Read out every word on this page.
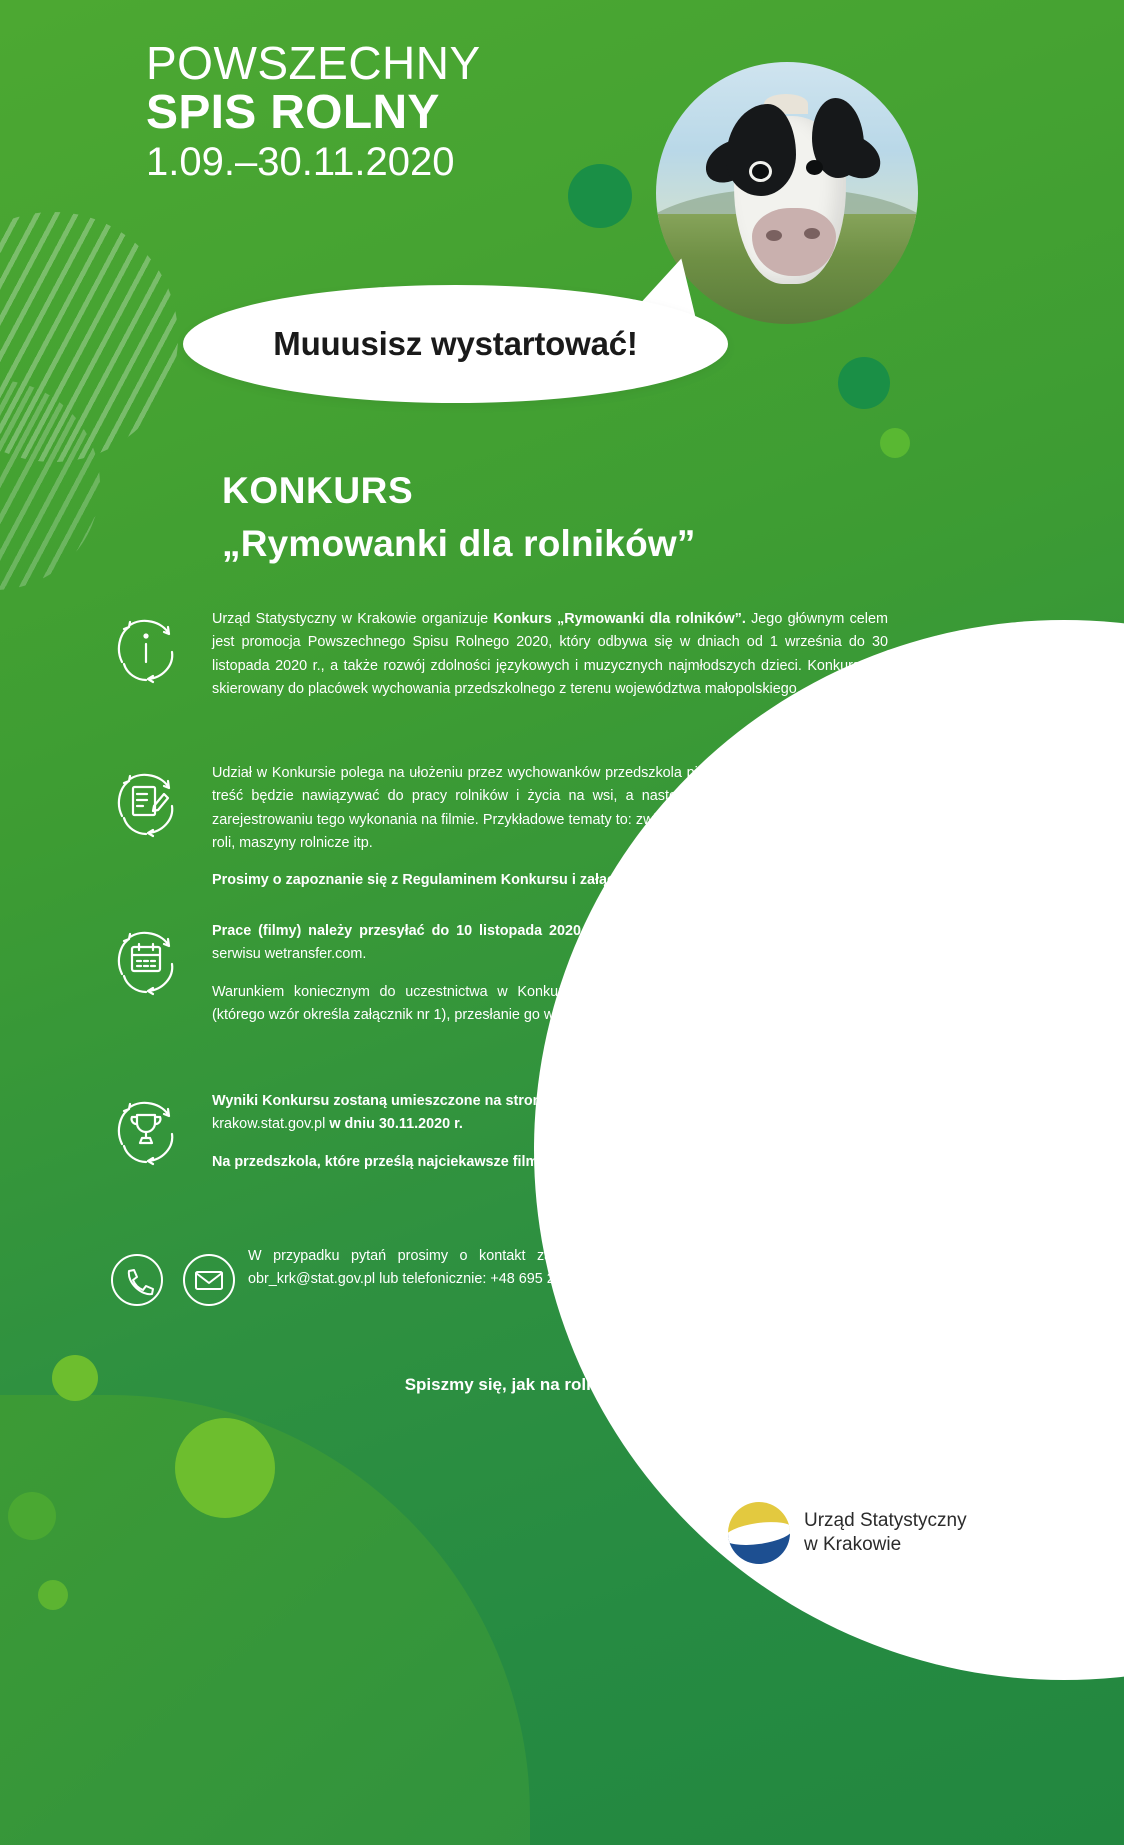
POWSZECHNY
SPIS ROLNY
1.09.–30.11.2020
Muuusisz wystartować!
KONKURS
„Rymowanki dla rolników”

Urząd Statystyczny w Krakowie organizuje Konkurs „Rymowanki dla rolników”. Jego głównym celem jest promocja Powszechnego Spisu Rolnego 2020, który odbywa się w dniach od 1 września do 30 listopada 2020 r., a także rozwój zdolności językowych i muzycznych najmłodszych dzieci. Konkurs jest skierowany do placówek wychowania przedszkolnego z terenu województwa małopolskiego.

Udział w Konkursie polega na ułożeniu przez wychowanków przedszkola piosenki lub wierszyka, którego treść będzie nawiązywać do pracy rolników i życia na wsi, a następnie wspólnym wykonaniu go i zarejestrowaniu tego wykonania na filmie. Przykładowe tematy to: zwierzęta hodowlane, uprawy, praca na roli, maszyny rolnicze itp.

Prosimy o zapoznanie się z Regulaminem Konkursu i załącznikami.

Prace (filmy) należy przesyłać do 10 listopada 2020 r. na adres obr_krk@stat.gov.pl przy pomocy serwisu wetransfer.com.

Warunkiem koniecznym do uczestnictwa w Konkursie jest wypełnienie formularza zgłoszeniowego (którego wzór określa załącznik nr 1), przesłanie go w formie elektronicznej (skan, zdjęcie) razem z pracą.

Wyniki Konkursu zostaną umieszczone na stronie internetowej Urzędu Statystycznego w Krakowie krakow.stat.gov.pl w dniu 30.11.2020 r.

Na przedszkola, które prześlą najciekawsze filmy, czekają atrakcyjne nagrody!

W przypadku pytań prosimy o kontakt za pośrednictwem poczty elektronicznej na adres obr_krk@stat.gov.pl lub telefonicznie: +48 695 255 538.

Spiszmy się, jak na rolników przystało!
Urząd Statystyczny
w Krakowie
